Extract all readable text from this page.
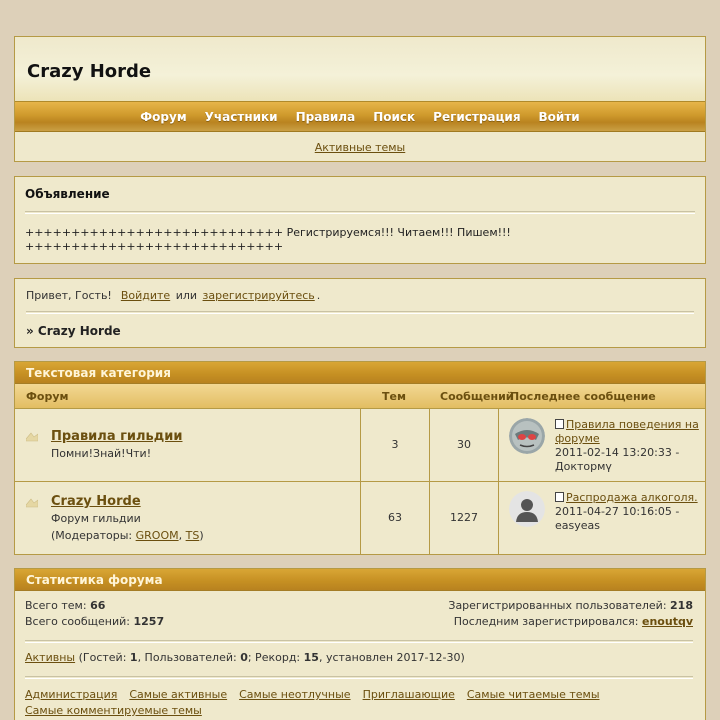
Crazy Horde
Форум Участники Правила Поиск Регистрация Войти
Активные темы
Объявление

++++++++++++++++++++++++++++ Регистрируемся!!! Читаем!!! Пишем!!! ++++++++++++++++++++++++++++

Привет, Гость! Войдите или зарегистрируйтесь .
» Crazy Horde
Текстовая категория
Форум	Тем	Сообщений
Последнее сообщение
Правила гильдии
Помни!Знай!Чти!
3	30
Правила поведения на форуме
2011-02-14 13:20:33 -
Доктормү
Crazy Horde
Форум гильдии
(Модераторы: GROOM, TS)
63	1227
Распродажа алкоголя.
2011-04-27 10:16:05 -
easyeas
Статистика форума
Всего тем: 66	Зарегистрированных пользователей: 218
Всего сообщений: 1257	Последним зарегистрировался: enoutqv
Активны (Гостей: 1, Пользователей: 0; Рекорд: 15, установлен 2017-12-30)
Администрация Самые активные Самые неотлучные Приглашающие Самые читаемые темы
Самые комментируемые темы
